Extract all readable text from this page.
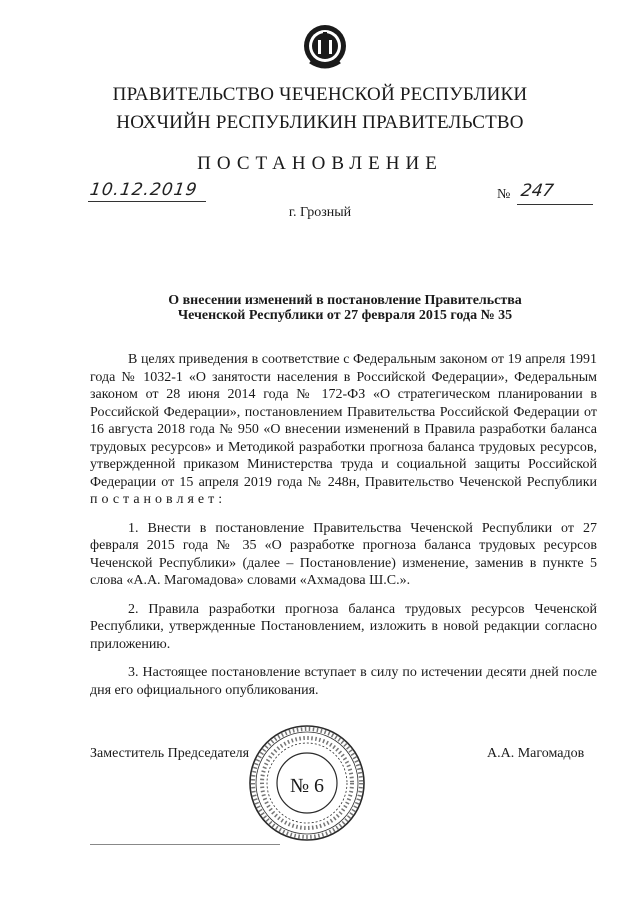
ПРАВИТЕЛЬСТВО ЧЕЧЕНСКОЙ РЕСПУБЛИКИ
НОХЧИЙН РЕСПУБЛИКИН ПРАВИТЕЛЬСТВО
ПОСТАНОВЛЕНИЕ
10.12.2019	№ 247
г. Грозный
О внесении изменений в постановление Правительства
Чеченской Республики от 27 февраля 2015 года № 35

В целях приведения в соответствие с Федеральным законом от 19 апреля 1991 года № 1032-1 «О занятости населения в Российской Федерации», Федеральным законом от 28 июня 2014 года № 172-ФЗ «О стратегическом планировании в Российской Федерации», постановлением Правительства Российской Федерации от 16 августа 2018 года № 950 «О внесении изменений в Правила разработки баланса трудовых ресурсов» и Методикой разработки прогноза баланса трудовых ресурсов, утвержденной приказом Министерства труда и социальной защиты Российской Федерации от 15 апреля 2019 года № 248н, Правительство Чеченской Республики постановляет:

1. Внести в постановление Правительства Чеченской Республики от 27 февраля 2015 года № 35 «О разработке прогноза баланса трудовых ресурсов Чеченской Республики» (далее – Постановление) изменение, заменив в пункте 5 слова «А.А. Магомадова» словами «Ахмадова Ш.С.».

2. Правила разработки прогноза баланса трудовых ресурсов Чеченской Республики, утвержденные Постановлением, изложить в новой редакции согласно приложению.

3. Настоящее постановление вступает в силу по истечении десяти дней после дня его официального опубликования.

Заместитель Председателя	А.А. Магомадов
№ 6
